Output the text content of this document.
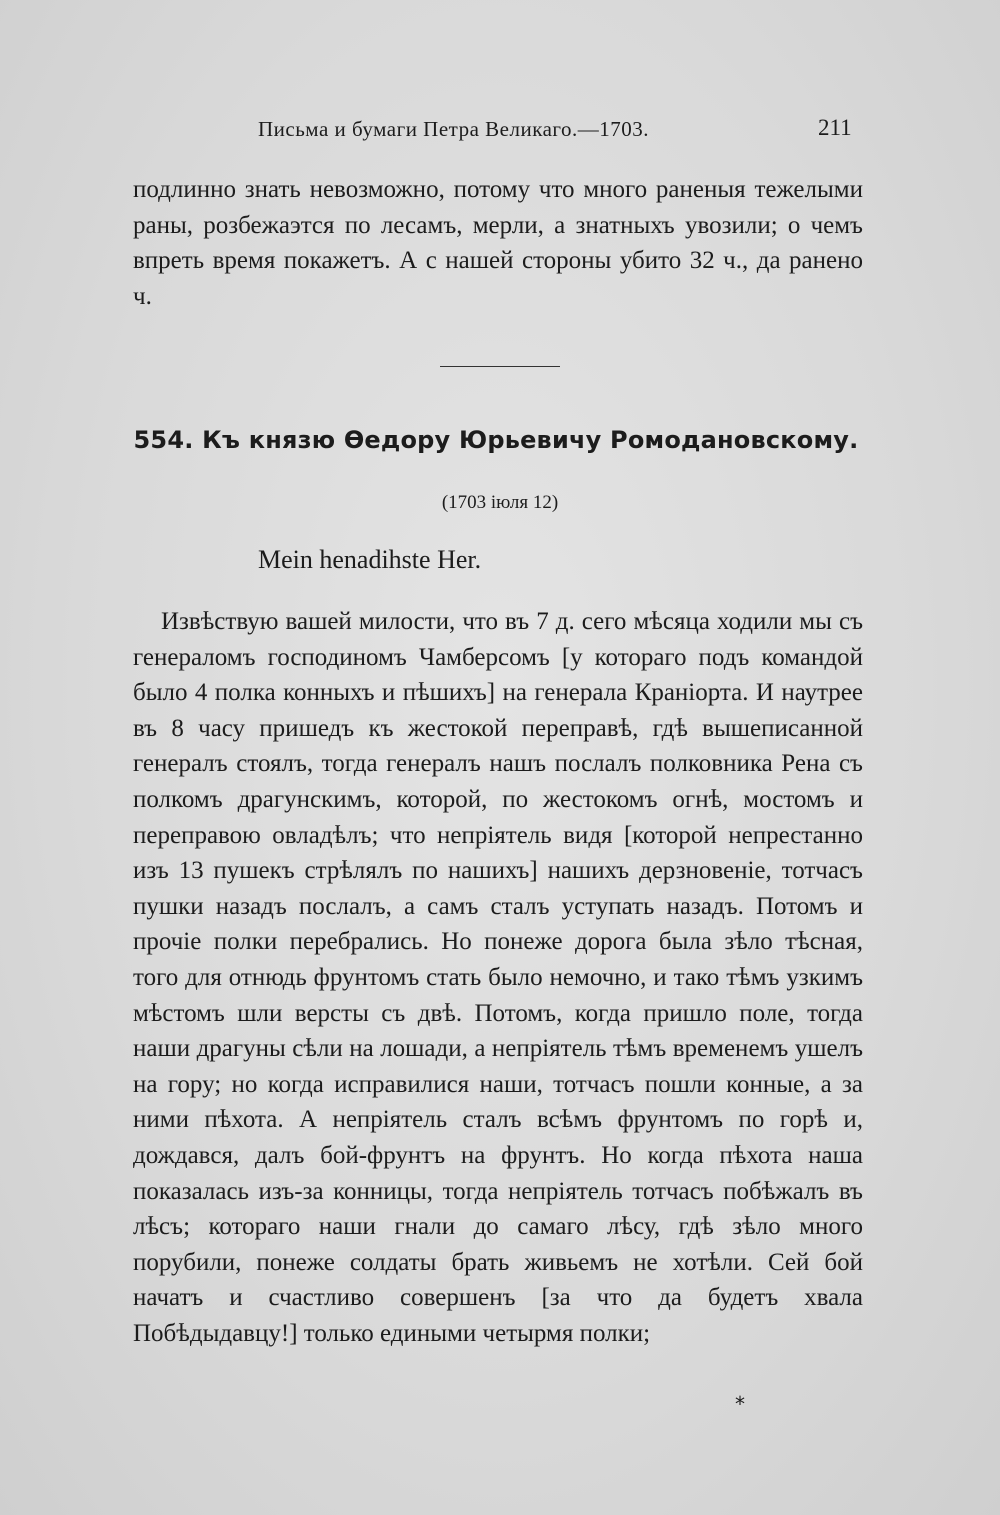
Письма и бумаги Петра Великаго.—1703.	211

подлинно знать невозможно, потому что много раненыя тежелыми раны, розбежаэтся по лесамъ, мерли, а знатныхъ увозили; о чемъ впреть время покажетъ. А с нашей стороны убито 32 ч., да ранено ч.

554. Къ князю Өедору Юрьевичу Ромодановскому.
(1703 іюля 12)
Mein henadihste Her.

Извѣствую вашей милости, что въ 7 д. сего мѣсяца ходили мы съ генераломъ господиномъ Чамберсомъ [у котораго подъ командой было 4 полка конныхъ и пѣшихъ] на генерала Краніорта. И наутрее въ 8 часу пришедъ къ жестокой переправѣ, гдѣ вышеписанной генералъ стоялъ, тогда генералъ нашъ послалъ полковника Рена съ полкомъ драгунскимъ, которой, по жестокомъ огнѣ, мостомъ и переправою овладѣлъ; что непріятель видя [которой непрестанно изъ 13 пушекъ стрѣлялъ по нашихъ] нашихъ дерзновеніе, тотчасъ пушки назадъ послалъ, а самъ сталъ уступать назадъ. Потомъ и прочіе полки перебрались. Но понеже дорога была зѣло тѣсная, того для отнюдь фрунтомъ стать было немочно, и тако тѣмъ узкимъ мѣстомъ шли версты съ двѣ. Потомъ, когда пришло поле, тогда наши драгуны сѣли на лошади, а непріятель тѣмъ временемъ ушелъ на гору; но когда исправилися наши, тотчасъ пошли конные, а за ними пѣхота. А непріятель сталъ всѣмъ фрунтомъ по горѣ и, дождався, далъ бой-фрунтъ на фрунтъ. Но когда пѣхота наша показалась изъ-за конницы, тогда непріятель тотчасъ побѣжалъ въ лѣсъ; котораго наши гнали до самаго лѣсу, гдѣ зѣло много порубили, понеже солдаты брать живьемъ не хотѣли. Сей бой начатъ и счастливо совершенъ [за что да будетъ хвала Побѣдыдавцу!] только едиными четырмя полки;

*
